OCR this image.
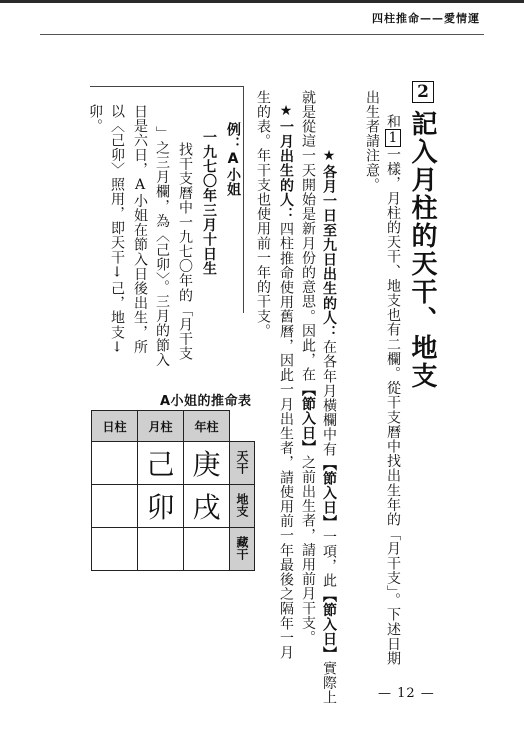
四柱推命——愛情運
2
記入月柱的天干、地支
和1一樣，月柱的天干、地支也有二欄。從干支曆中找出生年的「月干支」。下述日期
出生者請注意。
★各月一日至九日出生的人：在各年月橫欄中有【節入日】一項，此【節入日】實際上
就是從這一天開始是新月份的意思。因此，在【節入日】之前出生者，請用前月干支。
★一月出生的人：四柱推命使用舊曆，因此一月出生者，請使用前一年最後之隔年一月
生的表。年干支也使用前一年的干支。
例：A小姐
一九七〇年三月十日生
找干支曆中一九七〇年的「月干支
」之三月欄，為〈己卯〉。三月的節入
日是六日，A小姐在節入日後出生，所
以〈己卯〉照用，即天干↓己，地支↓
卯。
A小姐的推命表
日柱	月柱	年柱	
	己	庚	天干
	卯	戌	地支
			藏干
— 12 —
